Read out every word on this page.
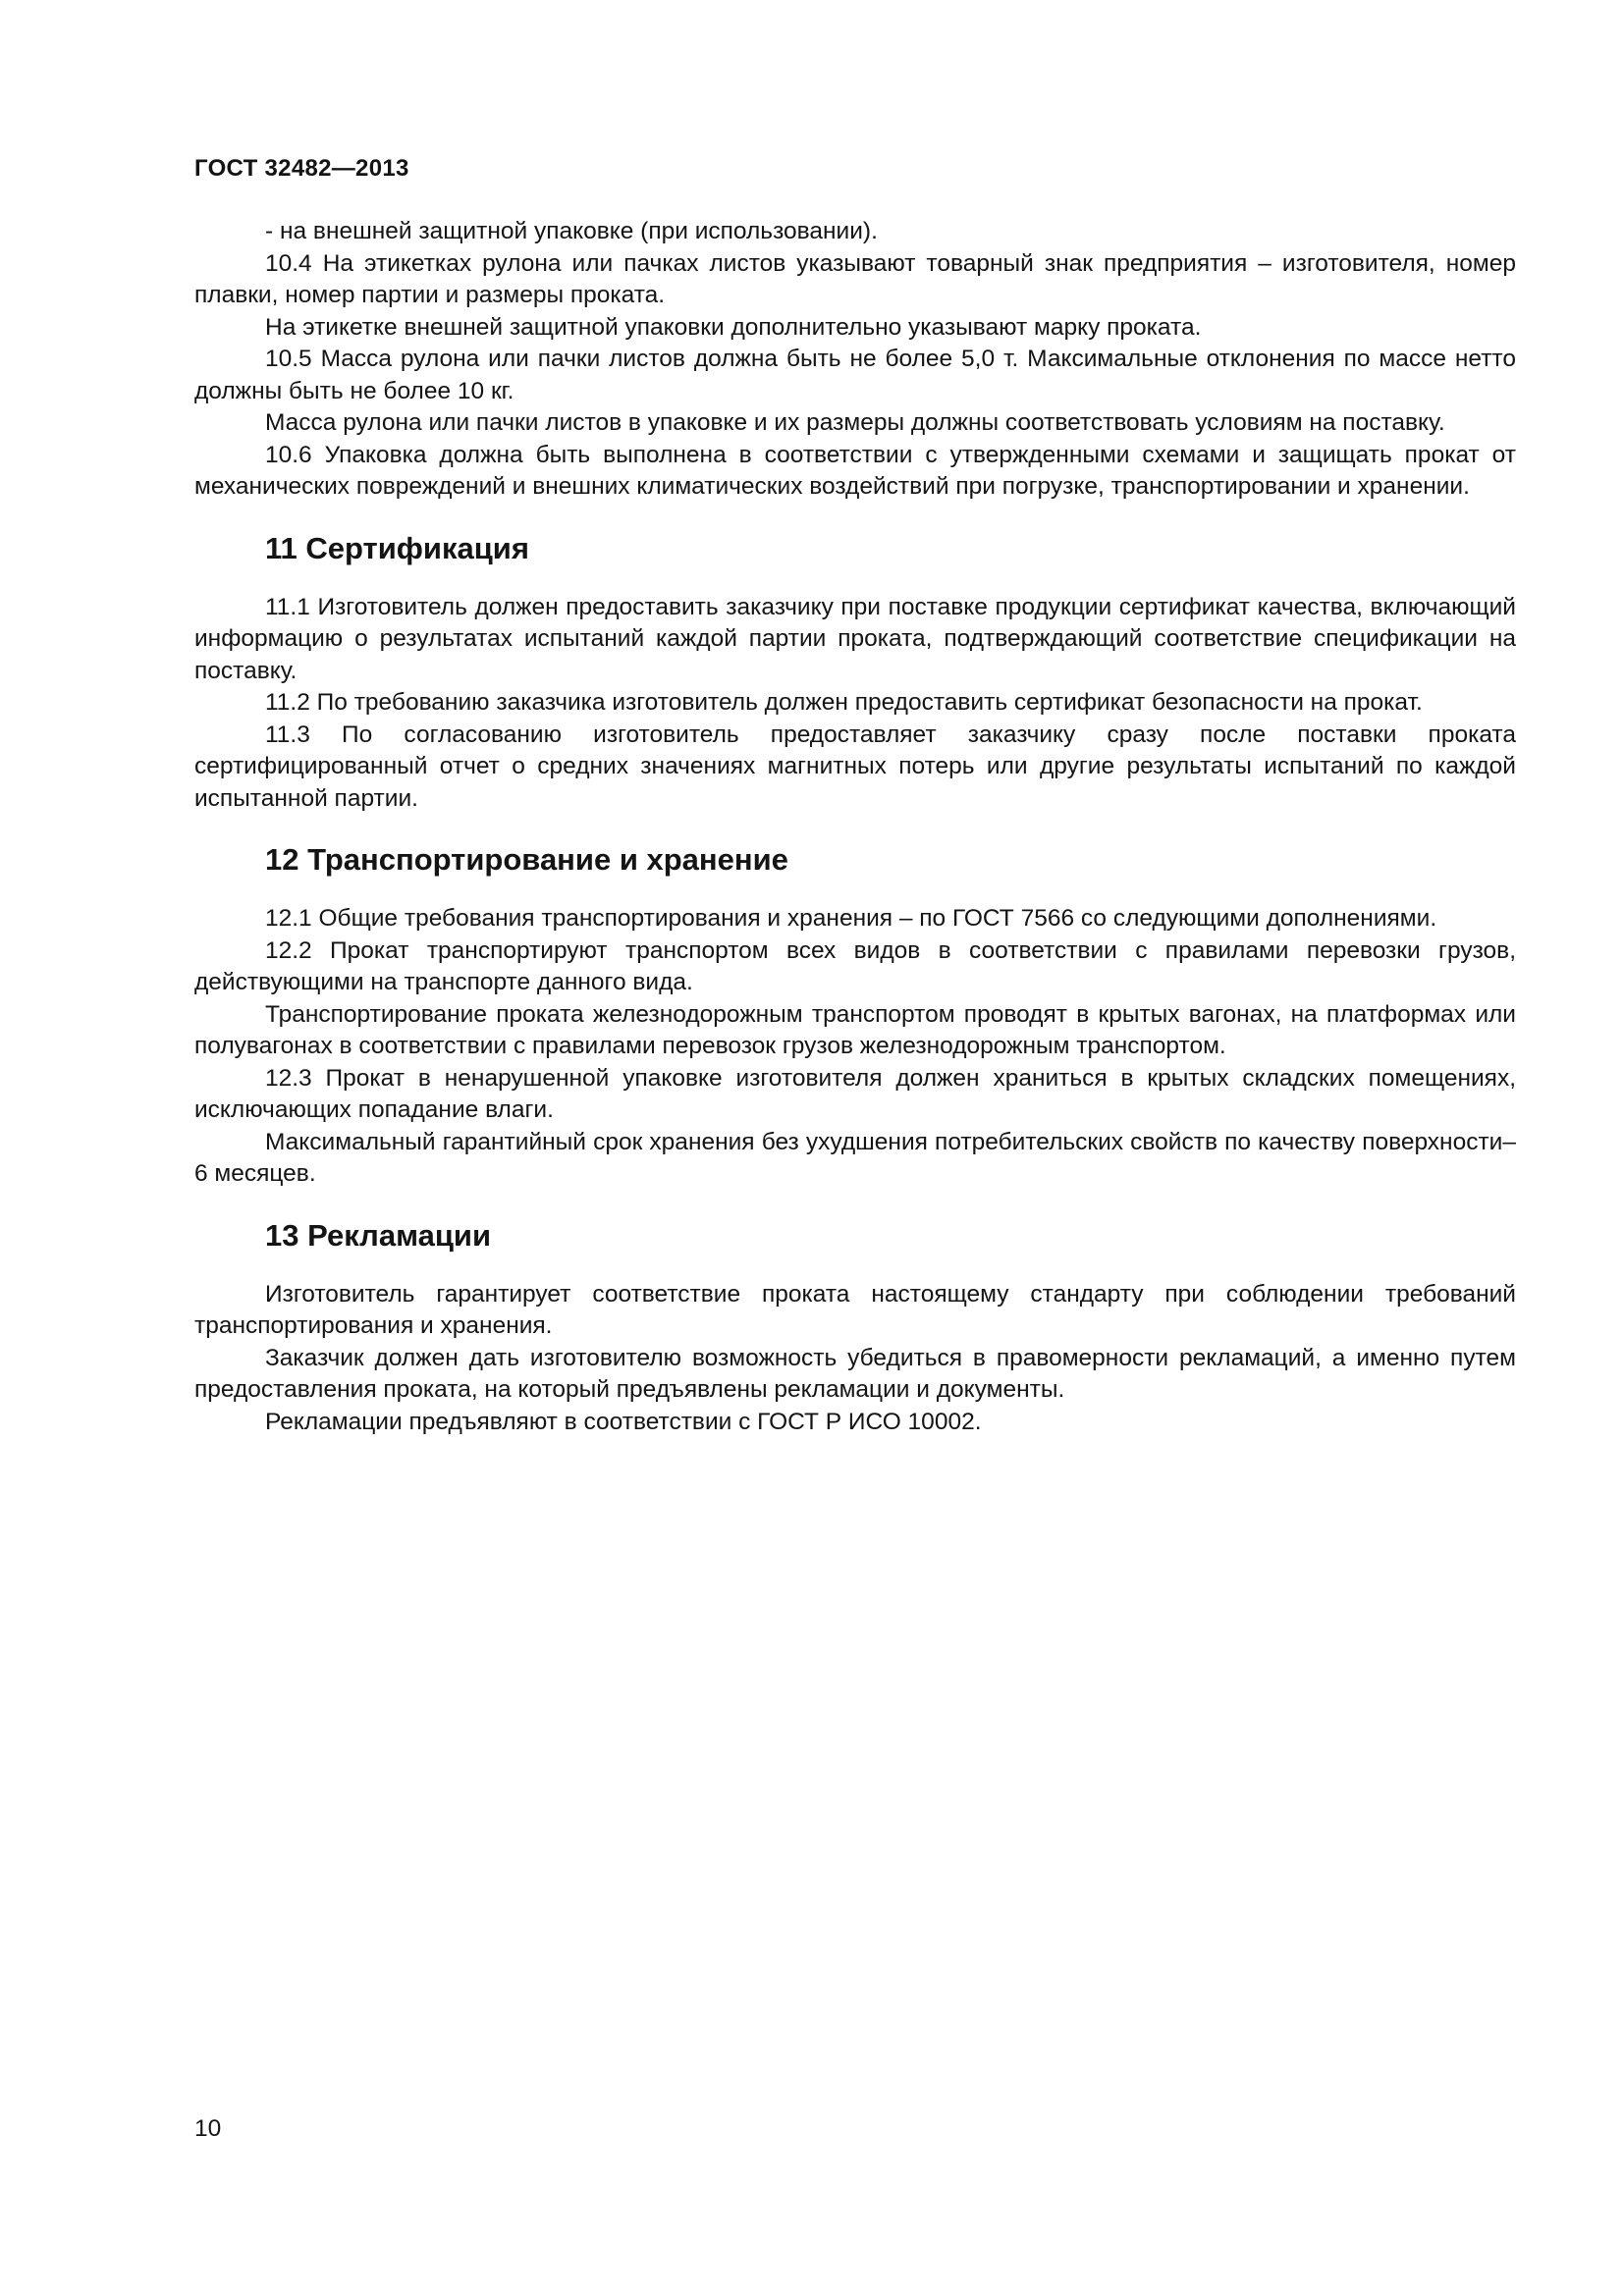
ГОСТ 32482—2013

- на внешней защитной упаковке (при использовании).

10.4 На этикетках рулона или пачках листов указывают товарный знак предприятия – изготовителя, номер плавки, номер партии и размеры проката.

На этикетке внешней защитной упаковки дополнительно указывают марку проката.

10.5 Масса рулона или пачки листов должна быть не более 5,0 т. Максимальные отклонения по массе нетто должны быть не более 10 кг.

Масса рулона или пачки листов в упаковке и их размеры должны соответствовать условиям на поставку.

10.6 Упаковка должна быть выполнена в соответствии с утвержденными схемами и защищать прокат от механических повреждений и внешних климатических воздействий при погрузке, транспортировании и хранении.

11 Сертификация

11.1 Изготовитель должен предоставить заказчику при поставке продукции сертификат качества, включающий информацию о результатах испытаний каждой партии проката, подтверждающий соответствие спецификации на поставку.

11.2 По требованию заказчика изготовитель должен предоставить сертификат безопасности на прокат.

11.3 По согласованию изготовитель предоставляет заказчику сразу после поставки проката сертифицированный отчет о средних значениях магнитных потерь или другие результаты испытаний по каждой испытанной партии.

12 Транспортирование и хранение

12.1 Общие требования транспортирования и хранения – по ГОСТ 7566 со следующими дополнениями.

12.2 Прокат транспортируют транспортом всех видов в соответствии с правилами перевозки грузов, действующими на транспорте данного вида.

Транспортирование проката железнодорожным транспортом проводят в крытых вагонах, на платформах или полувагонах в соответствии с правилами перевозок грузов железнодорожным транспортом.

12.3 Прокат в ненарушенной упаковке изготовителя должен храниться в крытых складских помещениях, исключающих попадание влаги.

Максимальный гарантийный срок хранения без ухудшения потребительских свойств по качеству поверхности– 6 месяцев.

13 Рекламации

Изготовитель гарантирует соответствие проката настоящему стандарту при соблюдении требований транспортирования и хранения.

Заказчик должен дать изготовителю возможность убедиться в правомерности рекламаций, а именно путем предоставления проката, на который предъявлены рекламации и документы.

Рекламации предъявляют в соответствии с ГОСТ Р ИСО 10002.

10
